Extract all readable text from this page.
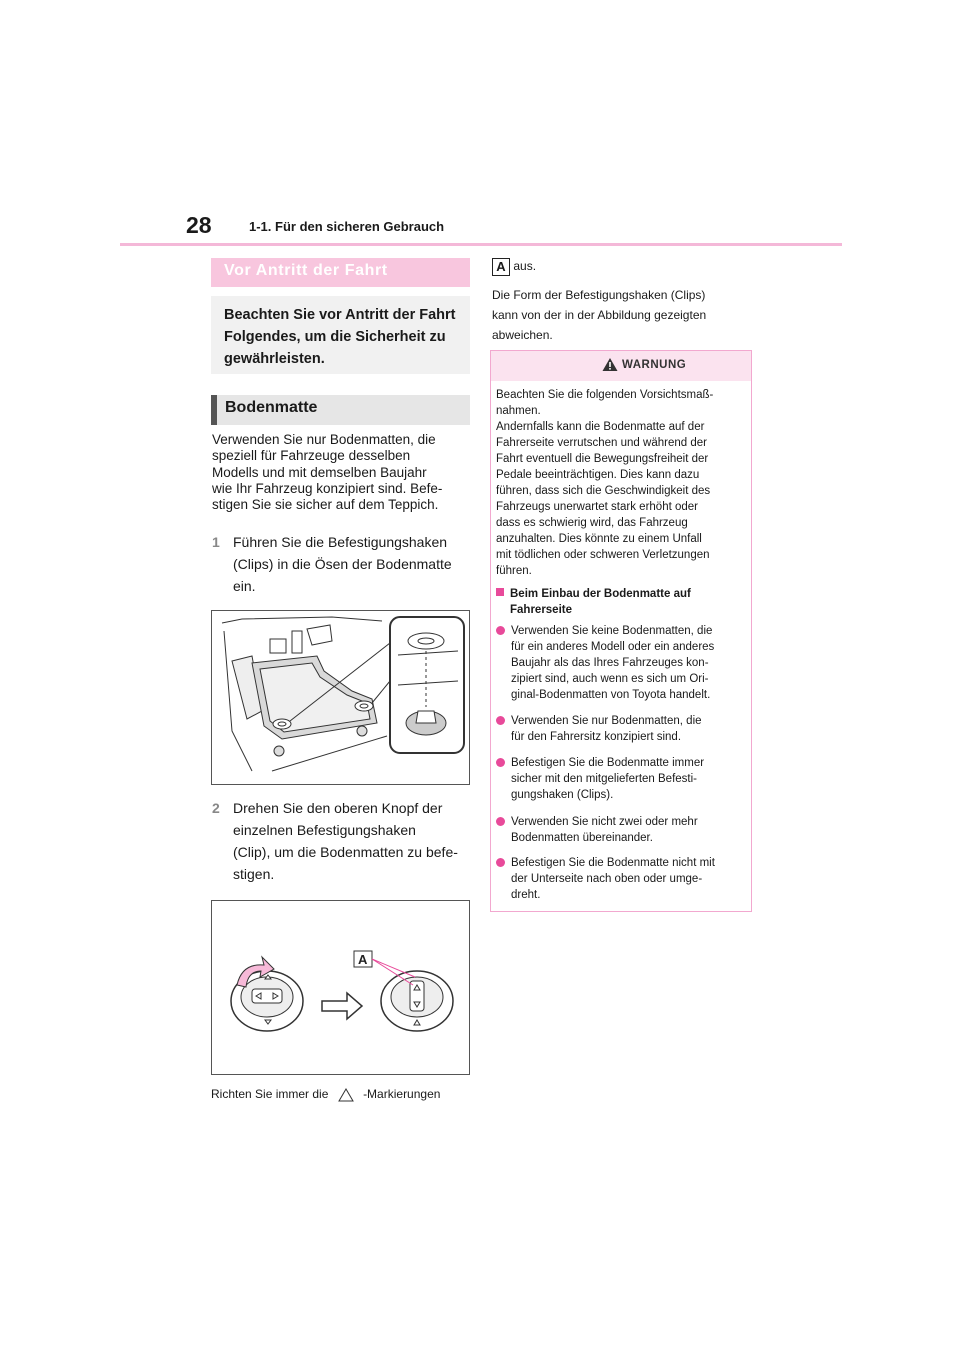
28	1-1. Für den sicheren Gebrauch
Vor Antritt der Fahrt
Beachten Sie vor Antritt der Fahrt
Folgendes, um die Sicherheit zu
gewährleisten.
Bodenmatte
Verwenden Sie nur Bodenmatten, die
speziell für Fahrzeuge desselben
Modells und mit demselben Baujahr
wie Ihr Fahrzeug konzipiert sind. Befe-
stigen Sie sie sicher auf dem Teppich.
1 Führen Sie die Befestigungshaken
(Clips) in die Ösen der Bodenmatte
ein.
2 Drehen Sie den oberen Knopf der
einzelnen Befestigungshaken
(Clip), um die Bodenmatten zu befe-
stigen.
A
Richten Sie immer die	-Markierungen
A aus.
Die Form der Befestigungshaken (Clips)
kann von der in der Abbildung gezeigten
abweichen.
WARNUNG
Beachten Sie die folgenden Vorsichtsmaß-
nahmen.
Andernfalls kann die Bodenmatte auf der
Fahrerseite verrutschen und während der
Fahrt eventuell die Bewegungsfreiheit der
Pedale beeinträchtigen. Dies kann dazu
führen, dass sich die Geschwindigkeit des
Fahrzeugs unerwartet stark erhöht oder
dass es schwierig wird, das Fahrzeug
anzuhalten. Dies könnte zu einem Unfall
mit tödlichen oder schweren Verletzungen
führen.
Beim Einbau der Bodenmatte auf
Fahrerseite
Verwenden Sie keine Bodenmatten, die
für ein anderes Modell oder ein anderes
Baujahr als das Ihres Fahrzeuges kon-
zipiert sind, auch wenn es sich um Ori-
ginal-Bodenmatten von Toyota handelt.
Verwenden Sie nur Bodenmatten, die
für den Fahrersitz konzipiert sind.
Befestigen Sie die Bodenmatte immer
sicher mit den mitgelieferten Befesti-
gungshaken (Clips).
Verwenden Sie nicht zwei oder mehr
Bodenmatten übereinander.
Befestigen Sie die Bodenmatte nicht mit
der Unterseite nach oben oder umge-
dreht.
